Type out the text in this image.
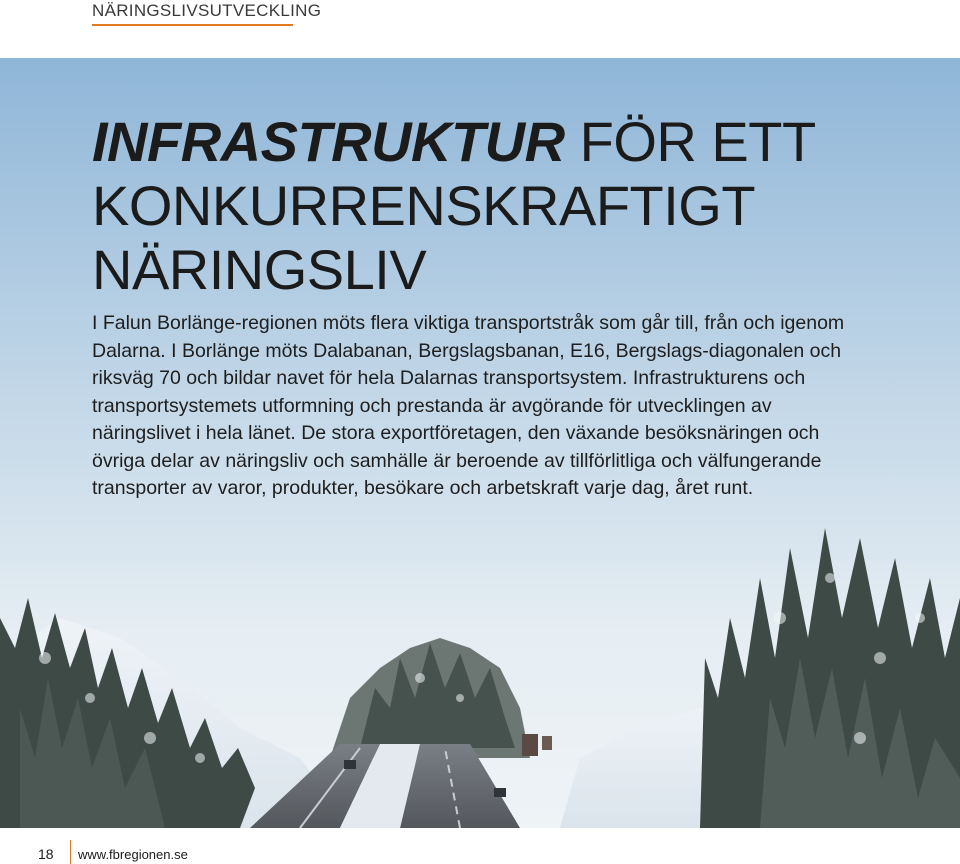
NÄRINGSLIVSUTVECKLING
INFRASTRUKTUR FÖR ETT
KONKURRENSKRAFTIGT
NÄRINGSLIV

I Falun Borlänge-regionen möts flera viktiga transportstråk som går till, från och igenom Dalarna. I Borlänge möts Dalabanan, Bergslagsbanan, E16, Bergslags-diagonalen och riksväg 70 och bildar navet för hela Dalarnas transportsystem. Infrastrukturens och transportsystemets utformning och prestanda är avgörande för utvecklingen av näringslivet i hela länet. De stora exportföretagen, den växande besöksnäringen och övriga delar av näringsliv och samhälle är beroende av tillförlitliga och välfungerande transporter av varor, produkter, besökare och arbetskraft varje dag, året runt.

18 www.fbregionen.se
